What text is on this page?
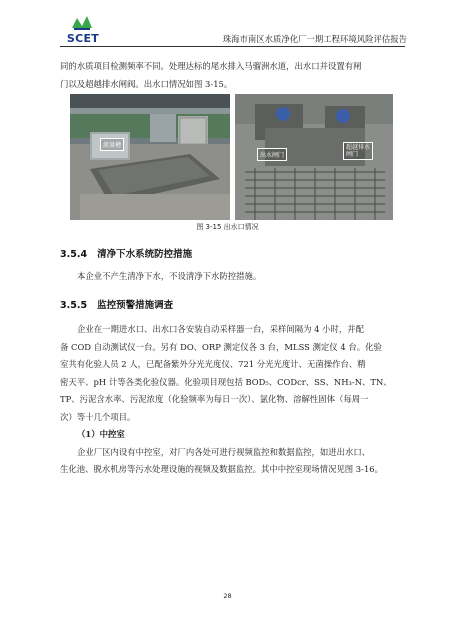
SCET	珠海市南区水质净化厂一期工程环境风险评估报告

同的水质项目检测频率不同。处理达标的尾水排入马骝洲水道，出水口并设置有闸

门以及超越排水闸阀。出水口情况如图 3-15。

流量槽
出水闸门
超越排水
闸门
图 3-15 出水口情况
3.5.4 清净下水系统防控措施

本企业不产生清净下水，不设清净下水防控措施。

3.5.5 监控预警措施调查

企业在一期进水口、出水口各安装自动采样器一台，采样间隔为 4 小时，并配

备 COD 自动测试仪一台。另有 DO、ORP 测定仪各 3 台，MLSS 测定仪 4 台。化验

室共有化验人员 2 人，已配备紫外分光光度仪、721 分光光度计、无菌操作台、精

密天平、pH 计等各类化验仪器。化验项目现包括 BOD₅、CODcr、SS、NH₃-N、TN、

TP、污泥含水率、污泥浓度（化验频率为每日一次）、氯化物、溶解性固体（每周一

次）等十几个项目。

（1）中控室

企业厂区内设有中控室，对厂内各处可进行视频监控和数据监控，如进出水口、

生化池、脱水机房等污水处理设施的视频及数据监控。其中中控室现场情况见图 3-16。

28
